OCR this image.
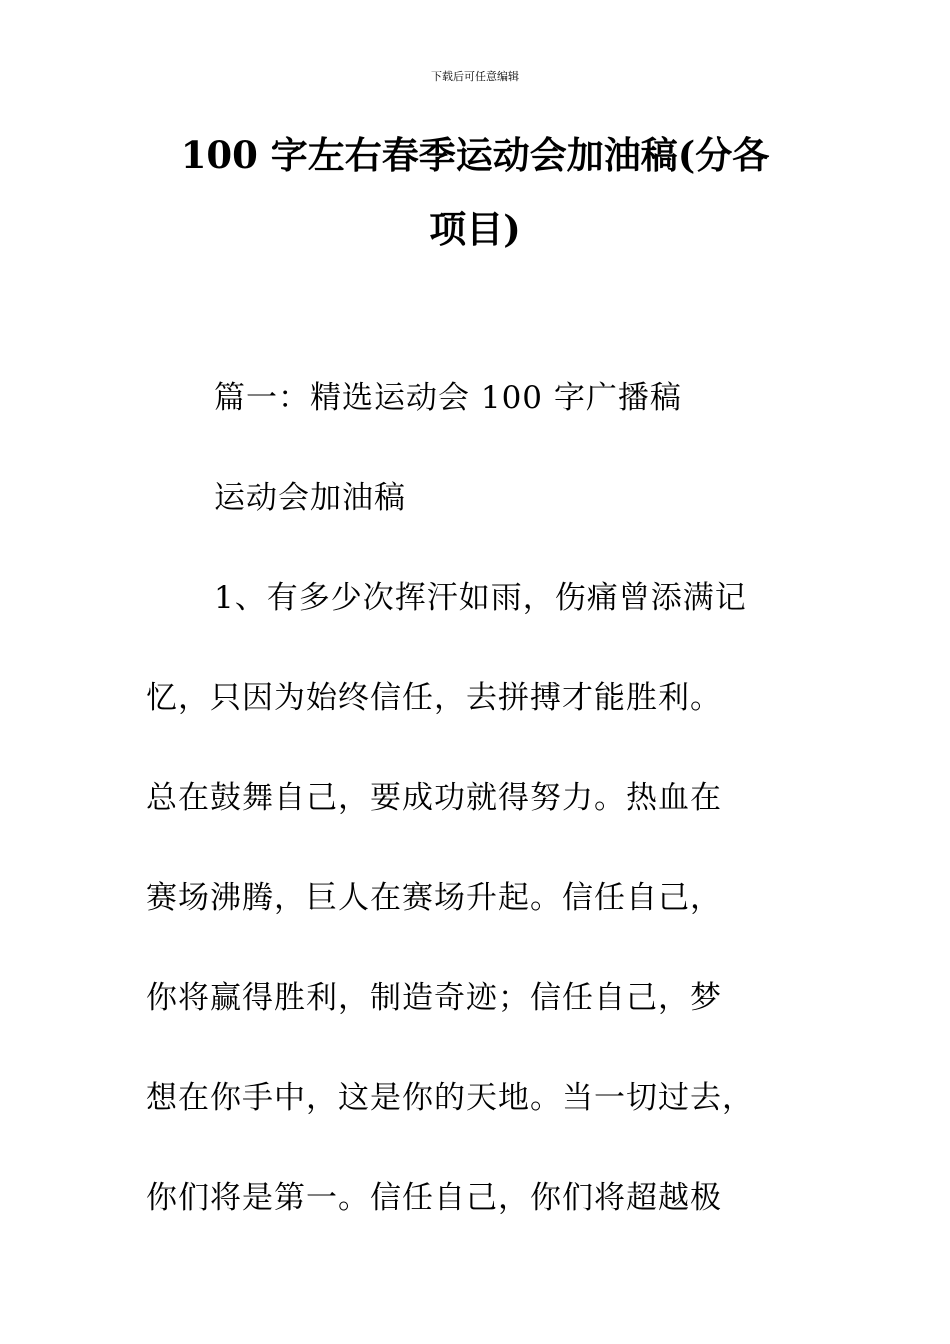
下载后可任意编辑
100 字左右春季运动会加油稿(分各
项目)

篇一：精选运动会 100 字广播稿

运动会加油稿

1、有多少次挥汗如雨，伤痛曾添满记
忆，只因为始终信任，去拼搏才能胜利。
总在鼓舞自己，要成功就得努力。热血在
赛场沸腾，巨人在赛场升起。信任自己，
你将赢得胜利，制造奇迹；信任自己，梦
想在你手中，这是你的天地。当一切过去，
你们将是第一。信任自己，你们将超越极
